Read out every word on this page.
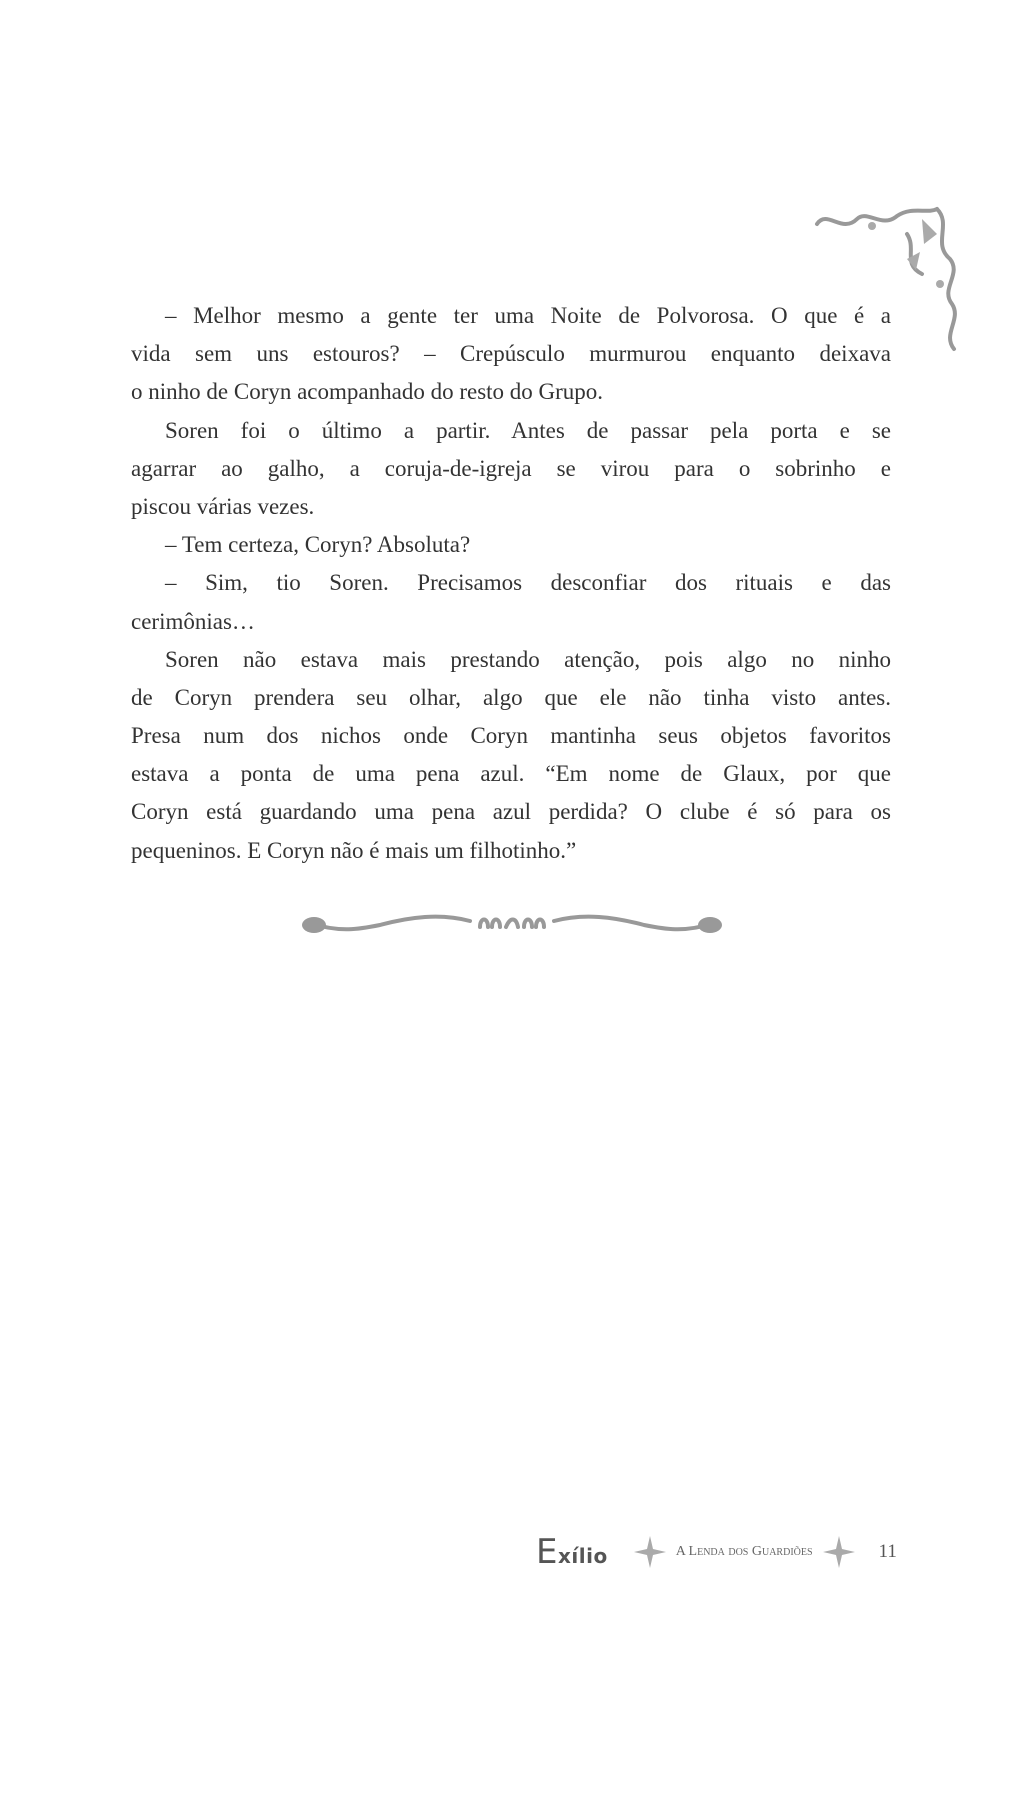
– Melhor mesmo a gente ter uma Noite de Polvorosa. O que é a
vida sem uns estouros? – Crepúsculo murmurou enquanto deixava
o ninho de Coryn acompanhado do resto do Grupo.
Soren foi o último a partir. Antes de passar pela porta e se
agarrar ao galho, a coruja-de-igreja se virou para o sobrinho e
piscou várias vezes.
– Tem certeza, Coryn? Absoluta?
– Sim, tio Soren. Precisamos desconfiar dos rituais e das
cerimônias…
Soren não estava mais prestando atenção, pois algo no ninho
de Coryn prendera seu olhar, algo que ele não tinha visto antes.
Presa num dos nichos onde Coryn mantinha seus objetos favoritos
estava a ponta de uma pena azul. “Em nome de Glaux, por que
Coryn está guardando uma pena azul perdida? O clube é só para os
pequeninos. E Coryn não é mais um filhotinho.”
Exílio	A Lenda dos Guardiões	11
